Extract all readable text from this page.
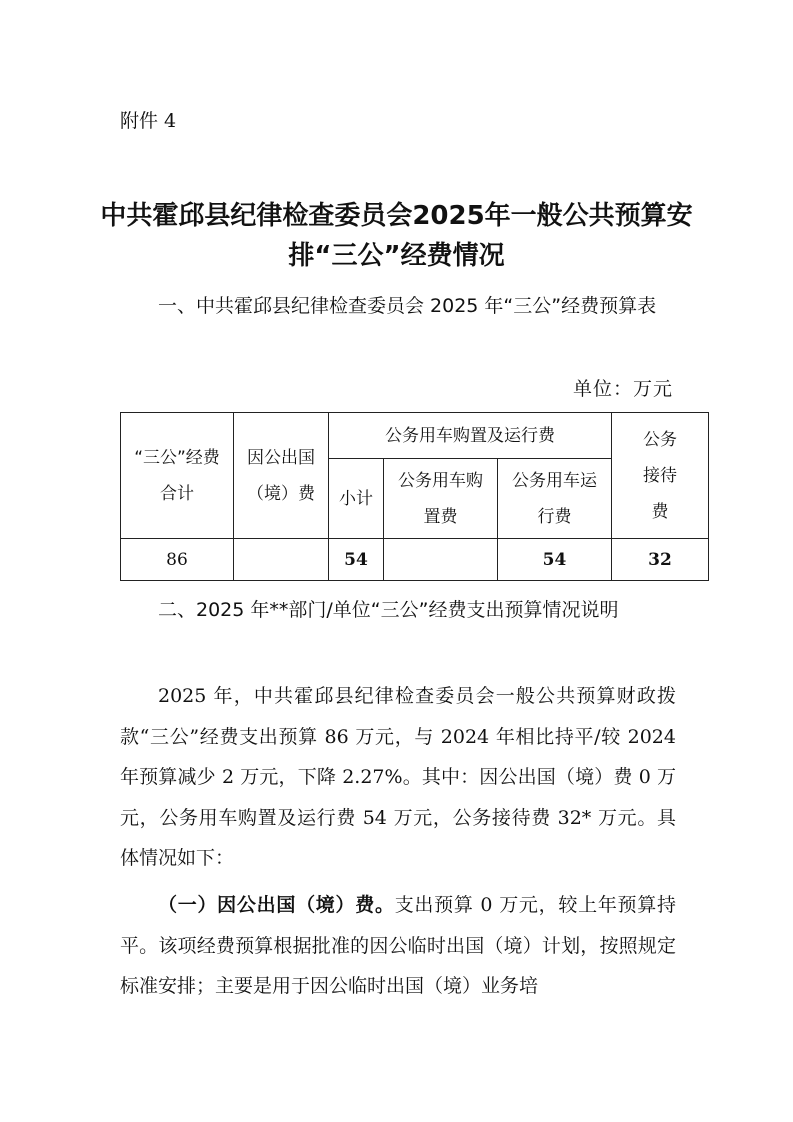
附件 4
中共霍邱县纪律检查委员会2025年一般公共预算安
排“三公”经费情况
一、中共霍邱县纪律检查委员会 2025 年“三公”经费预算表
单位：万元
“三公”经费合计	因公出国（境）费	公务用车购置及运行费			公务接待费
		小计	公务用车购置费	公务用车运行费	
86		54		54	32
二、2025 年**部门/单位“三公”经费支出预算情况说明
2025 年，中共霍邱县纪律检查委员会一般公共预算财政拨款“三公”经费支出预算 86 万元，与 2024 年相比持平/较 2024 年预算减少 2 万元，下降 2.27%。其中：因公出国（境）费 0 万元，公务用车购置及运行费 54 万元，公务接待费 32* 万元。具体情况如下：
（一）因公出国（境）费。支出预算 0 万元，较上年预算持平。该项经费预算根据批准的因公临时出国（境）计划，按照规定标准安排；主要是用于因公临时出国（境）业务培
